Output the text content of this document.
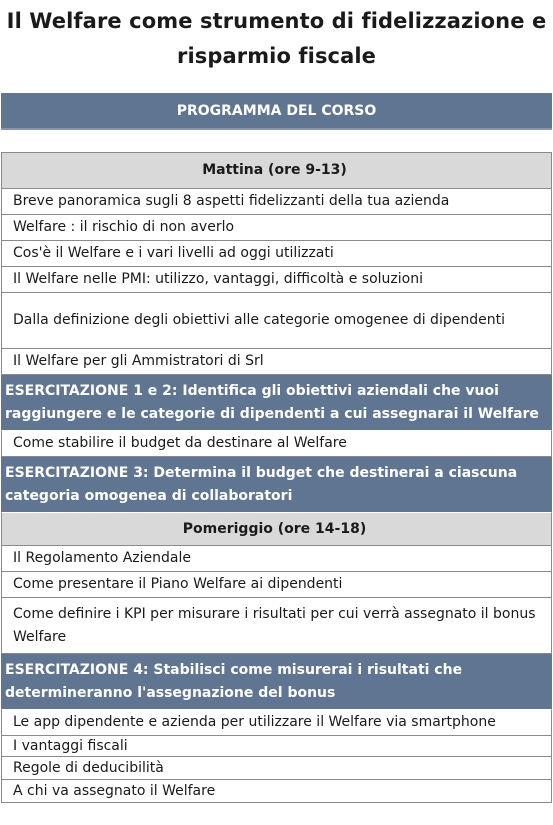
Il Welfare come strumento di fidelizzazione e
risparmio fiscale
PROGRAMMA DEL CORSO
Mattina (ore 9-13)
Breve panoramica sugli 8 aspetti fidelizzanti della tua azienda
Welfare : il rischio di non averlo
Cos'è il Welfare e i vari livelli ad oggi utilizzati
Il Welfare nelle PMI: utilizzo, vantaggi, difficoltà e soluzioni
Dalla definizione degli obiettivi alle categorie omogenee di dipendenti
Il Welfare per gli Ammistratori di Srl
ESERCITAZIONE 1 e 2: Identifica gli obiettivi aziendali che vuoi raggiungere e le categorie di dipendenti a cui assegnarai il Welfare
Come stabilire il budget da destinare al Welfare
ESERCITAZIONE 3: Determina il budget che destinerai a ciascuna categoria omogenea di collaboratori
Pomeriggio (ore 14-18)
Il Regolamento Aziendale
Come presentare il Piano Welfare ai dipendenti
Come definire i KPI per misurare i risultati per cui verrà assegnato il bonus Welfare
ESERCITAZIONE 4: Stabilisci come misurerai i risultati che determineranno l'assegnazione del bonus
Le app dipendente e azienda per utilizzare il Welfare via smartphone
I vantaggi fiscali
Regole di deducibilità
A chi va assegnato il Welfare
